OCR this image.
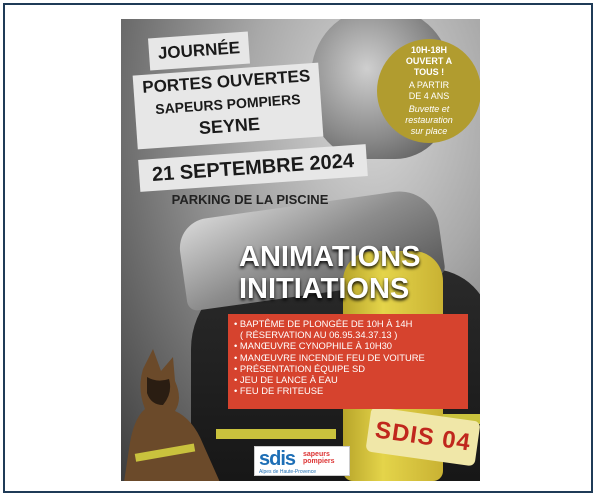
SDIS 04
JOURNÉE
PORTES OUVERTES
SAPEURS POMPIERS
SEYNE
21 SEPTEMBRE 2024
PARKING DE LA PISCINE
10H-18H
OUVERT A
TOUS !
A PARTIR
DE 4 ANS
Buvette et
restauration
sur place
ANIMATIONS
INITIATIONS
• BAPTÊME DE PLONGÉE DE 10H À 14H
( RÉSERVATION AU 06.95.34.37.13 )
• MANŒUVRE CYNOPHILE À 10H30
• MANŒUVRE INCENDIE FEU DE VOITURE
• PRÉSENTATION ÉQUIPE SD
• JEU DE LANCE À EAU
• FEU DE FRITEUSE
sdis sapeurs
pompiers
Alpes de Haute-Provence
